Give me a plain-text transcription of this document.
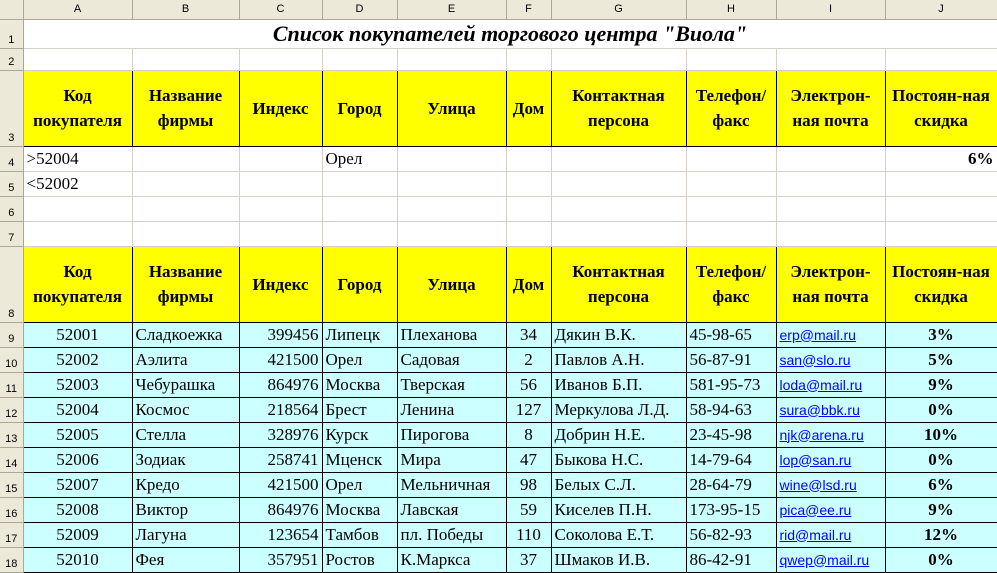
	A	B	C	D	E	F	G	H	I	J
1	Список покупателей торгового центра "Виола"									
2										
3	Код покупателя	Название фирмы	Индекс	Город	Улица	Дом	Контактная персона	Телефон/ факс	Электрон-ная почта	Постоян-ная скидка
4	>52004			Орел						6%
5	<52002									
6										
7										
8	Код покупателя	Название фирмы	Индекс	Город	Улица	Дом	Контактная персона	Телефон/ факс	Электрон-ная почта	Постоян-ная скидка
9	52001	Сладкоежка	399456	Липецк	Плеханова	34	Дякин В.К.	45-98-65	erp@mail.ru	3%
10	52002	Аэлита	421500	Орел	Садовая	2	Павлов А.Н.	56-87-91	san@slo.ru	5%
11	52003	Чебурашка	864976	Москва	Тверская	56	Иванов Б.П.	581-95-73	loda@mail.ru	9%
12	52004	Космос	218564	Брест	Ленина	127	Меркулова Л.Д.	58-94-63	sura@bbk.ru	0%
13	52005	Стелла	328976	Курск	Пирогова	8	Добрин Н.Е.	23-45-98	njk@arena.ru	10%
14	52006	Зодиак	258741	Мценск	Мира	47	Быкова Н.С.	14-79-64	lop@san.ru	0%
15	52007	Кредо	421500	Орел	Мельничная	98	Белых С.Л.	28-64-79	wine@lsd.ru	6%
16	52008	Виктор	864976	Москва	Лавская	59	Киселев П.Н.	173-95-15	pica@ee.ru	9%
17	52009	Лагуна	123654	Тамбов	пл. Победы	110	Соколова Е.Т.	56-82-93	rid@mail.ru	12%
18	52010	Фея	357951	Ростов	К.Маркса	37	Шмаков И.В.	86-42-91	qwep@mail.ru	0%
